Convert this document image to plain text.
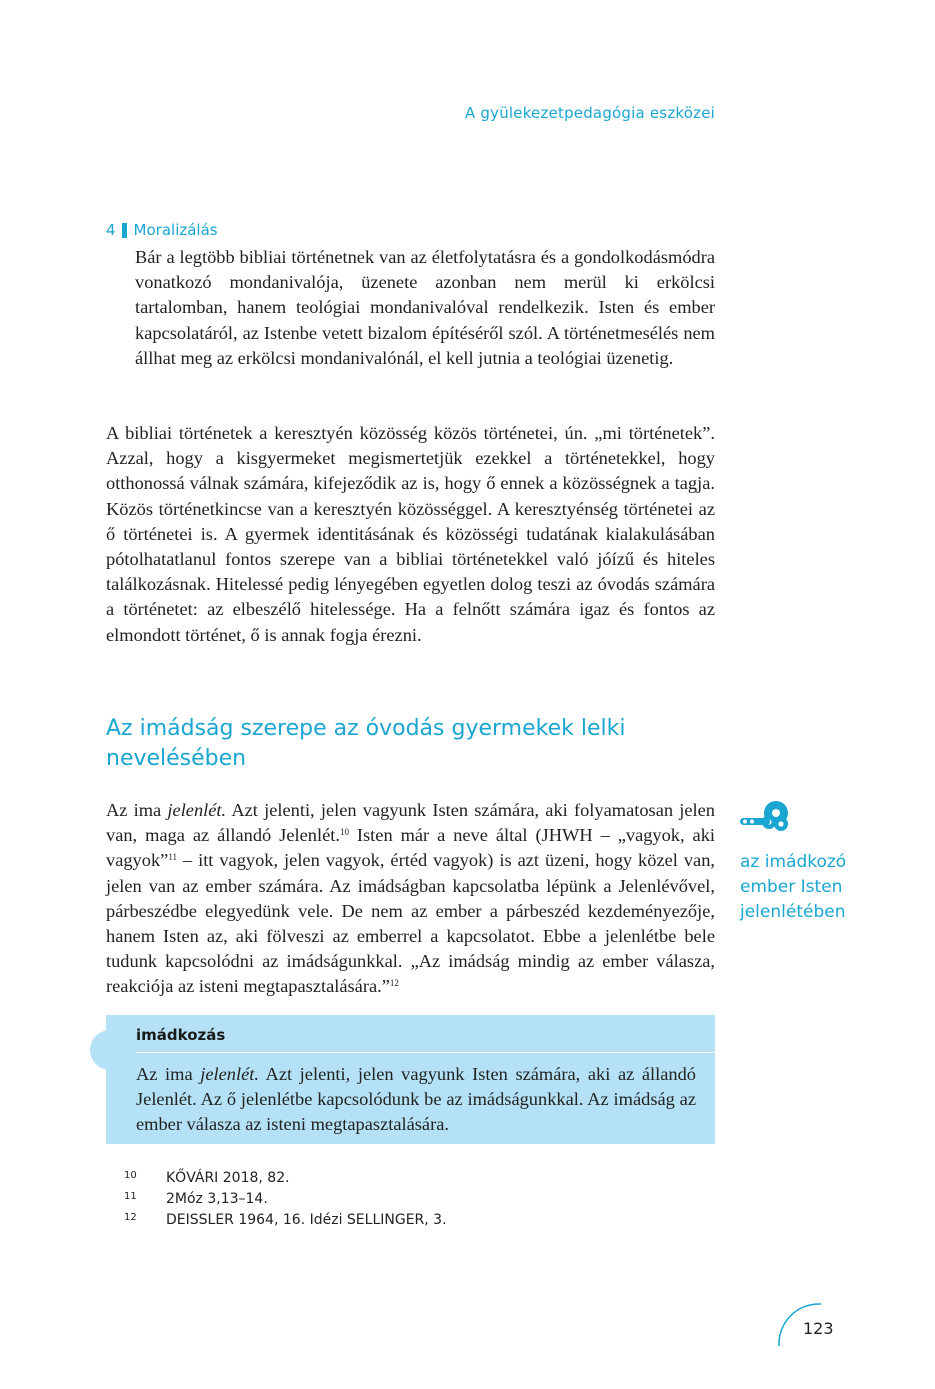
A gyülekezetpedagógia eszközei
4 Moralizálás
Bár a legtöbb bibliai történetnek van az életfolytatásra és a gondolkodásmódra vonatkozó mondanivalója, üzenete azonban nem merül ki erkölcsi tartalomban, hanem teológiai mondanivalóval rendelkezik. Isten és ember kapcsolatáról, az Istenbe vetett bizalom építéséről szól. A történetmesélés nem állhat meg az erkölcsi mondanivalónál, el kell jutnia a teológiai üzenetig.
A bibliai történetek a keresztyén közösség közös történetei, ún. „mi történetek”. Azzal, hogy a kisgyermeket megismertetjük ezekkel a történetekkel, hogy otthonossá válnak számára, kifejeződik az is, hogy ő ennek a közösségnek a tagja. Közös történetkincse van a keresztyén közösséggel. A keresztyénség történetei az ő történetei is. A gyermek identitásának és közösségi tudatának kialakulásában pótolhatatlanul fontos szerepe van a bibliai történetekkel való jóízű és hiteles találkozásnak. Hitelessé pedig lényegében egyetlen dolog teszi az óvodás számára a történetet: az elbeszélő hitelessége. Ha a felnőtt számára igaz és fontos az elmondott történet, ő is annak fogja érezni.
Az imádság szerepe az óvodás gyermekek lelki nevelésében
Az ima jelenlét. Azt jelenti, jelen vagyunk Isten számára, aki folyamatosan jelen van, maga az állandó Jelenlét.$^{10}$ Isten már a neve által (JHWH – „vagyok, aki vagyok”$^{11}$ – itt vagyok, jelen vagyok, értéd vagyok) is azt üzeni, hogy közel van, jelen van az ember számára. Az imádságban kapcsolatba lépünk a Jelenlévővel, párbeszédbe elegyedünk vele. De nem az ember a párbeszéd kezdeményezője, hanem Isten az, aki fölveszi az emberrel a kapcsolatot. Ebbe a jelenlétbe bele tudunk kapcsolódni az imádságunkkal. „Az imádság mindig az ember válasza, reakciója az isteni megtapasztalására.”$^{12}$
az imádkozó
ember Isten
jelenlétében
imádkozás
Az ima jelenlét. Azt jelenti, jelen vagyunk Isten számára, aki az állandó Jelenlét. Az ő jelenlétbe kapcsolódunk be az imádságunkkal. Az imádság az ember válasza az isteni megtapasztalására.
10	KŐVÁRI 2018, 82.
11	2Móz 3,13–14.
12	DEISSLER 1964, 16. Idézi SELLINGER, 3.
123
